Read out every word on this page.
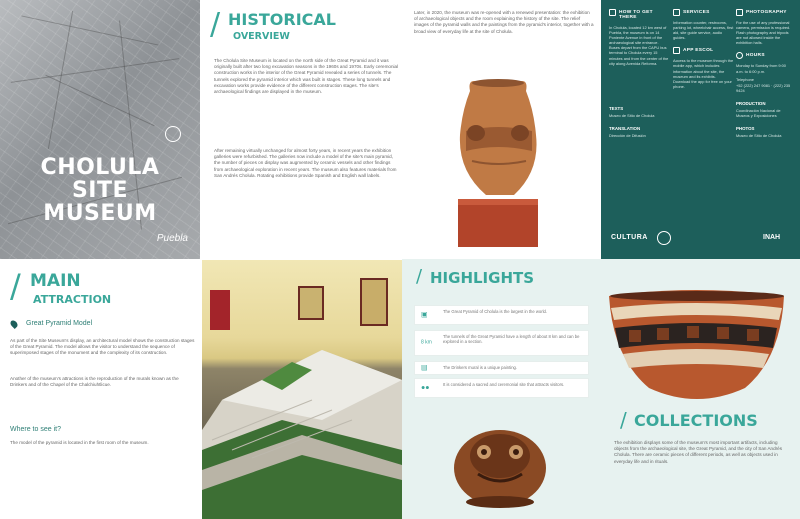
CHOLULA
SITE
MUSEUM
Puebla
/ HISTORICAL
OVERVIEW
The Cholula Site Museum is located on the north side of the Great Pyramid and it was originally built after two long excavation seasons in the 1960s and 1970s. Early ceremonial construction works in the interior of the Great Pyramid revealed a series of tunnels. The tunnels explored the pyramid interior which was built in stages. These long tunnels and excavation works provide evidence of the different construction stages. The site's archaeological findings are displayed in the museum.
After remaining virtually unchanged for almost forty years, in recent years the exhibition galleries were refurbished. The galleries now include a model of the site's main pyramid, the number of pieces on display was augmented by ceramic vessels and other findings from archaeological exploration in recent years. The museum also features materials from San Andrés Cholula. Rotating exhibitions provide Spanish and English wall labels.
Later, in 2020, the museum was re-opened with a renewed presentation: the exhibition of archaeological objects and the room explaining the history of the site. The relief images of the pyramid walls and the paintings from the pyramid's interior, together with a broad view of everyday life at the site of Cholula.
HOW TO GET THERE
In Cholula, located 12 km west of Puebla, the museum is on 14 Poniente Avenue in front of the archaeological site entrance. Buses depart from the CAPU bus terminal to Cholula every 15 minutes and from the center of the city along Avenida Reforma.
TEXTS
Museo de Sitio de Cholula
TRANSLATION
Dirección de Difusión
SERVICES
Information counter, restrooms, parking lot, wheelchair access, first aid, site guide service, audio guides.
APP ESCOL
Access to the museum through the mobile app, which includes information about the site, the museum and its exhibits. Download the app for free on your phone.
PHOTOGRAPHY
For the use of any professional camera, permission is required. Flash photography and tripods are not allowed inside the exhibition halls.
HOURS
Monday to Sunday from 9:00 a.m. to 6:00 p.m.
Telephone
+52 (222) 247 9081 · (222) 235 9424
PRODUCTION
Coordinación Nacional de Museos y Exposiciones
PHOTOS
Museo de Sitio de Cholula
CULTURA	INAH
/ MAIN
ATTRACTION
Great Pyramid Model
As part of the Site Museum's display, an architectural model shows the construction stages of the Great Pyramid. The model allows the visitor to understand the sequence of superimposed stages of the monument and the complexity of its construction.
Another of the museum's attractions is the reproduction of the murals known as the Drinkers and of the Chapel of the Chalchiuhtlicue.
Where to see it?
The model of the pyramid is located in the first room of the museum.
/ HIGHLIGHTS
▣	The Great Pyramid of Cholula is the largest in the world.
8 km
The tunnels of the Great Pyramid have a length of about 8 km and can be explored in a section.
▤	The Drinkers mural is a unique painting.
●●	It is considered a sacred and ceremonial site that attracts visitors.
/ COLLECTIONS
The exhibition displays some of the museum's most important artifacts, including objects from the archaeological site, the Great Pyramid, and the city of San Andrés Cholula. There are ceramic pieces of different periods, as well as objects used in everyday life and in rituals.
